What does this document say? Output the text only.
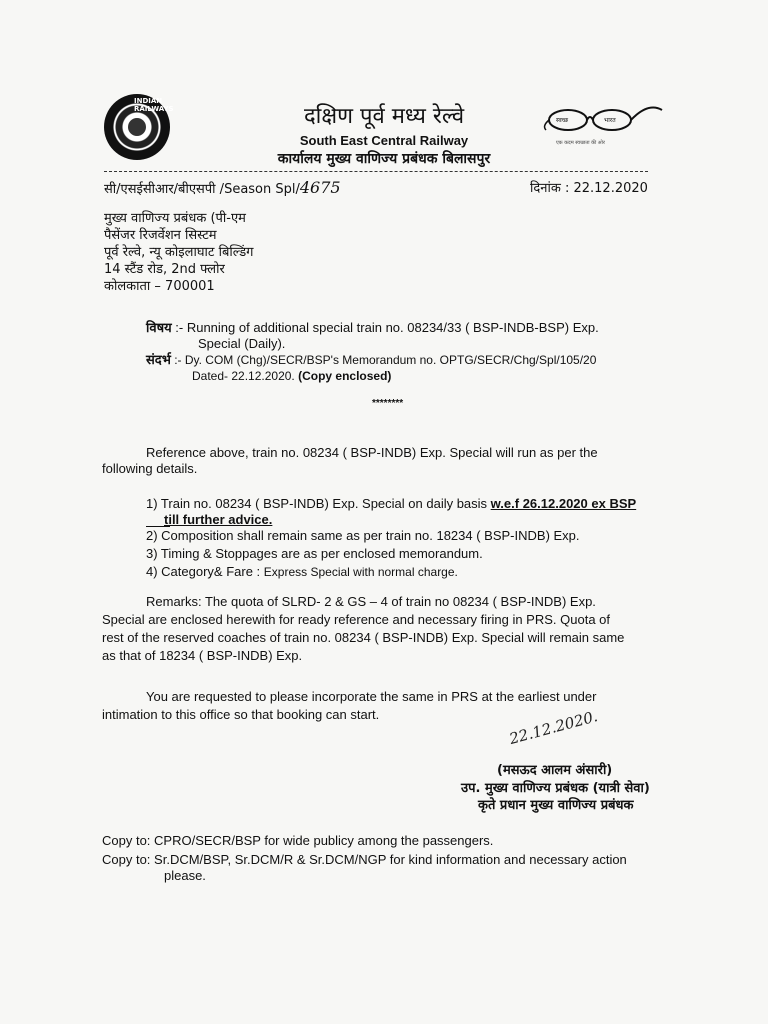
INDIAN RAILWAYS
स्वच्छ	भारत
एक कदम स्वच्छता की ओर
दक्षिण पूर्व मध्य रेल्वे
South East Central Railway
कार्यालय मुख्य वाणिज्य प्रबंधक बिलासपुर
सी/एसईसीआर/बीएसपी /Season Spl/4675	दिनांक : 22.12.2020
मुख्य वाणिज्य प्रबंधक (पी-एम
पैसेंजर रिजर्वेशन सिस्टम
पूर्व रेल्वे, न्यू कोइलाघाट बिल्डिंग
14 स्टैंड रोड, 2nd फ्लोर
कोलकाता – 700001
विषय :- Running of additional special train no. 08234/33 ( BSP-INDB-BSP) Exp.
Special (Daily).
संदर्भ :- Dy. COM (Chg)/SECR/BSP's Memorandum no. OPTG/SECR/Chg/Spl/105/20
Dated- 22.12.2020. (Copy enclosed)
********
Reference above, train no. 08234 ( BSP-INDB) Exp. Special will run as per the
following details.
1) Train no. 08234 ( BSP-INDB) Exp. Special on daily basis w.e.f 26.12.2020 ex BSP
till further advice.
2) Composition shall remain same as per train no. 18234 ( BSP-INDB) Exp.
3) Timing & Stoppages are as per enclosed memorandum.
4) Category& Fare : Express Special with normal charge.
Remarks: The quota of SLRD- 2 & GS – 4 of train no 08234 ( BSP-INDB) Exp.
Special are enclosed herewith for ready reference and necessary firing in PRS. Quota of
rest of the reserved coaches of train no. 08234 ( BSP-INDB) Exp. Special will remain same
as that of 18234 ( BSP-INDB) Exp.
You are requested to please incorporate the same in PRS at the earliest under
intimation to this office so that booking can start.	22.12.2020.
(मसऊद आलम अंसारी)
उप. मुख्य वाणिज्य प्रबंधक (यात्री सेवा)
कृते प्रधान मुख्य वाणिज्य प्रबंधक
Copy to: CPRO/SECR/BSP for wide publicy among the passengers.
Copy to: Sr.DCM/BSP, Sr.DCM/R & Sr.DCM/NGP for kind information and necessary action
please.
